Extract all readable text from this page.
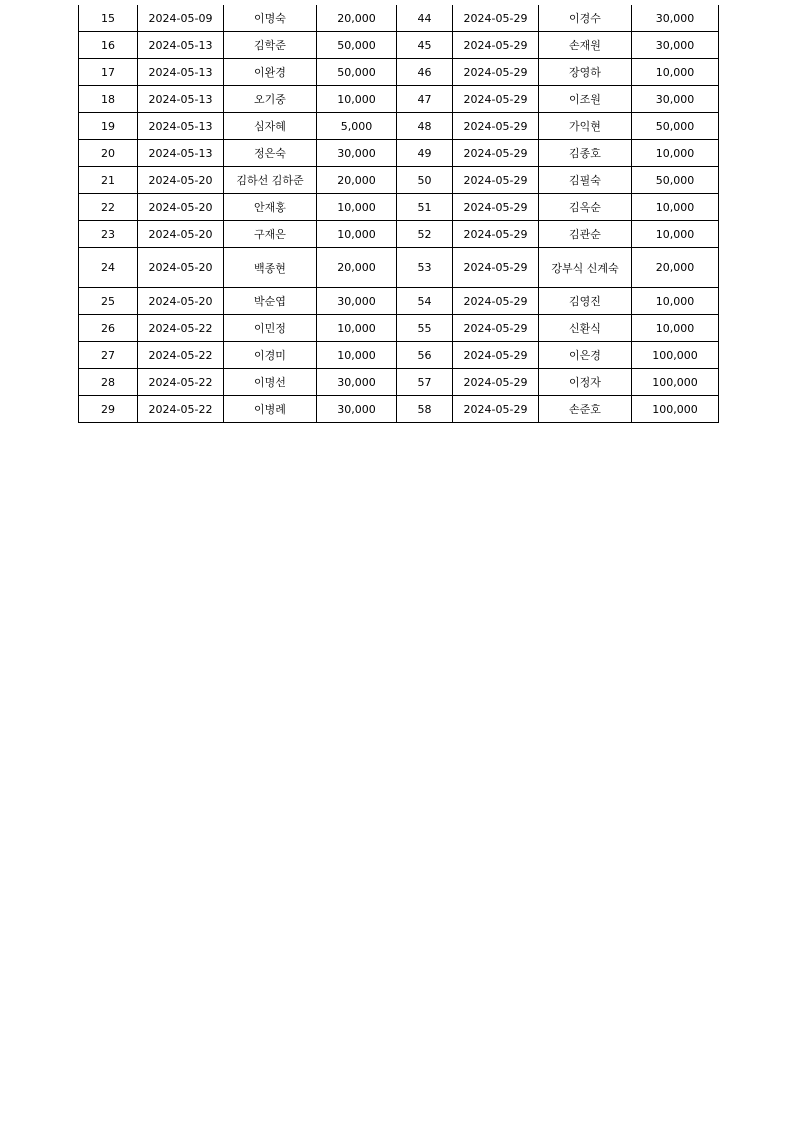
15	2024-05-09	이명숙	20,000	44	2024-05-29	이경수	30,000
16	2024-05-13	김학준	50,000	45	2024-05-29	손재원	30,000
17	2024-05-13	이완경	50,000	46	2024-05-29	장영하	10,000
18	2024-05-13	오기중	10,000	47	2024-05-29	이조원	30,000
19	2024-05-13	심자혜	5,000	48	2024-05-29	가익현	50,000
20	2024-05-13	정은숙	30,000	49	2024-05-29	김종호	10,000
21	2024-05-20	김하선 김하준	20,000	50	2024-05-29	김필숙	50,000
22	2024-05-20	안재홍	10,000	51	2024-05-29	김옥순	10,000
23	2024-05-20	구재은	10,000	52	2024-05-29	김관순	10,000
24	2024-05-20	백종현	20,000	53	2024-05-29	강부식 신계숙	20,000
25	2024-05-20	박순엽	30,000	54	2024-05-29	김영진	10,000
26	2024-05-22	이민정	10,000	55	2024-05-29	신환식	10,000
27	2024-05-22	이경미	10,000	56	2024-05-29	이은경	100,000
28	2024-05-22	이명선	30,000	57	2024-05-29	이정자	100,000
29	2024-05-22	이병례	30,000	58	2024-05-29	손준호	100,000
